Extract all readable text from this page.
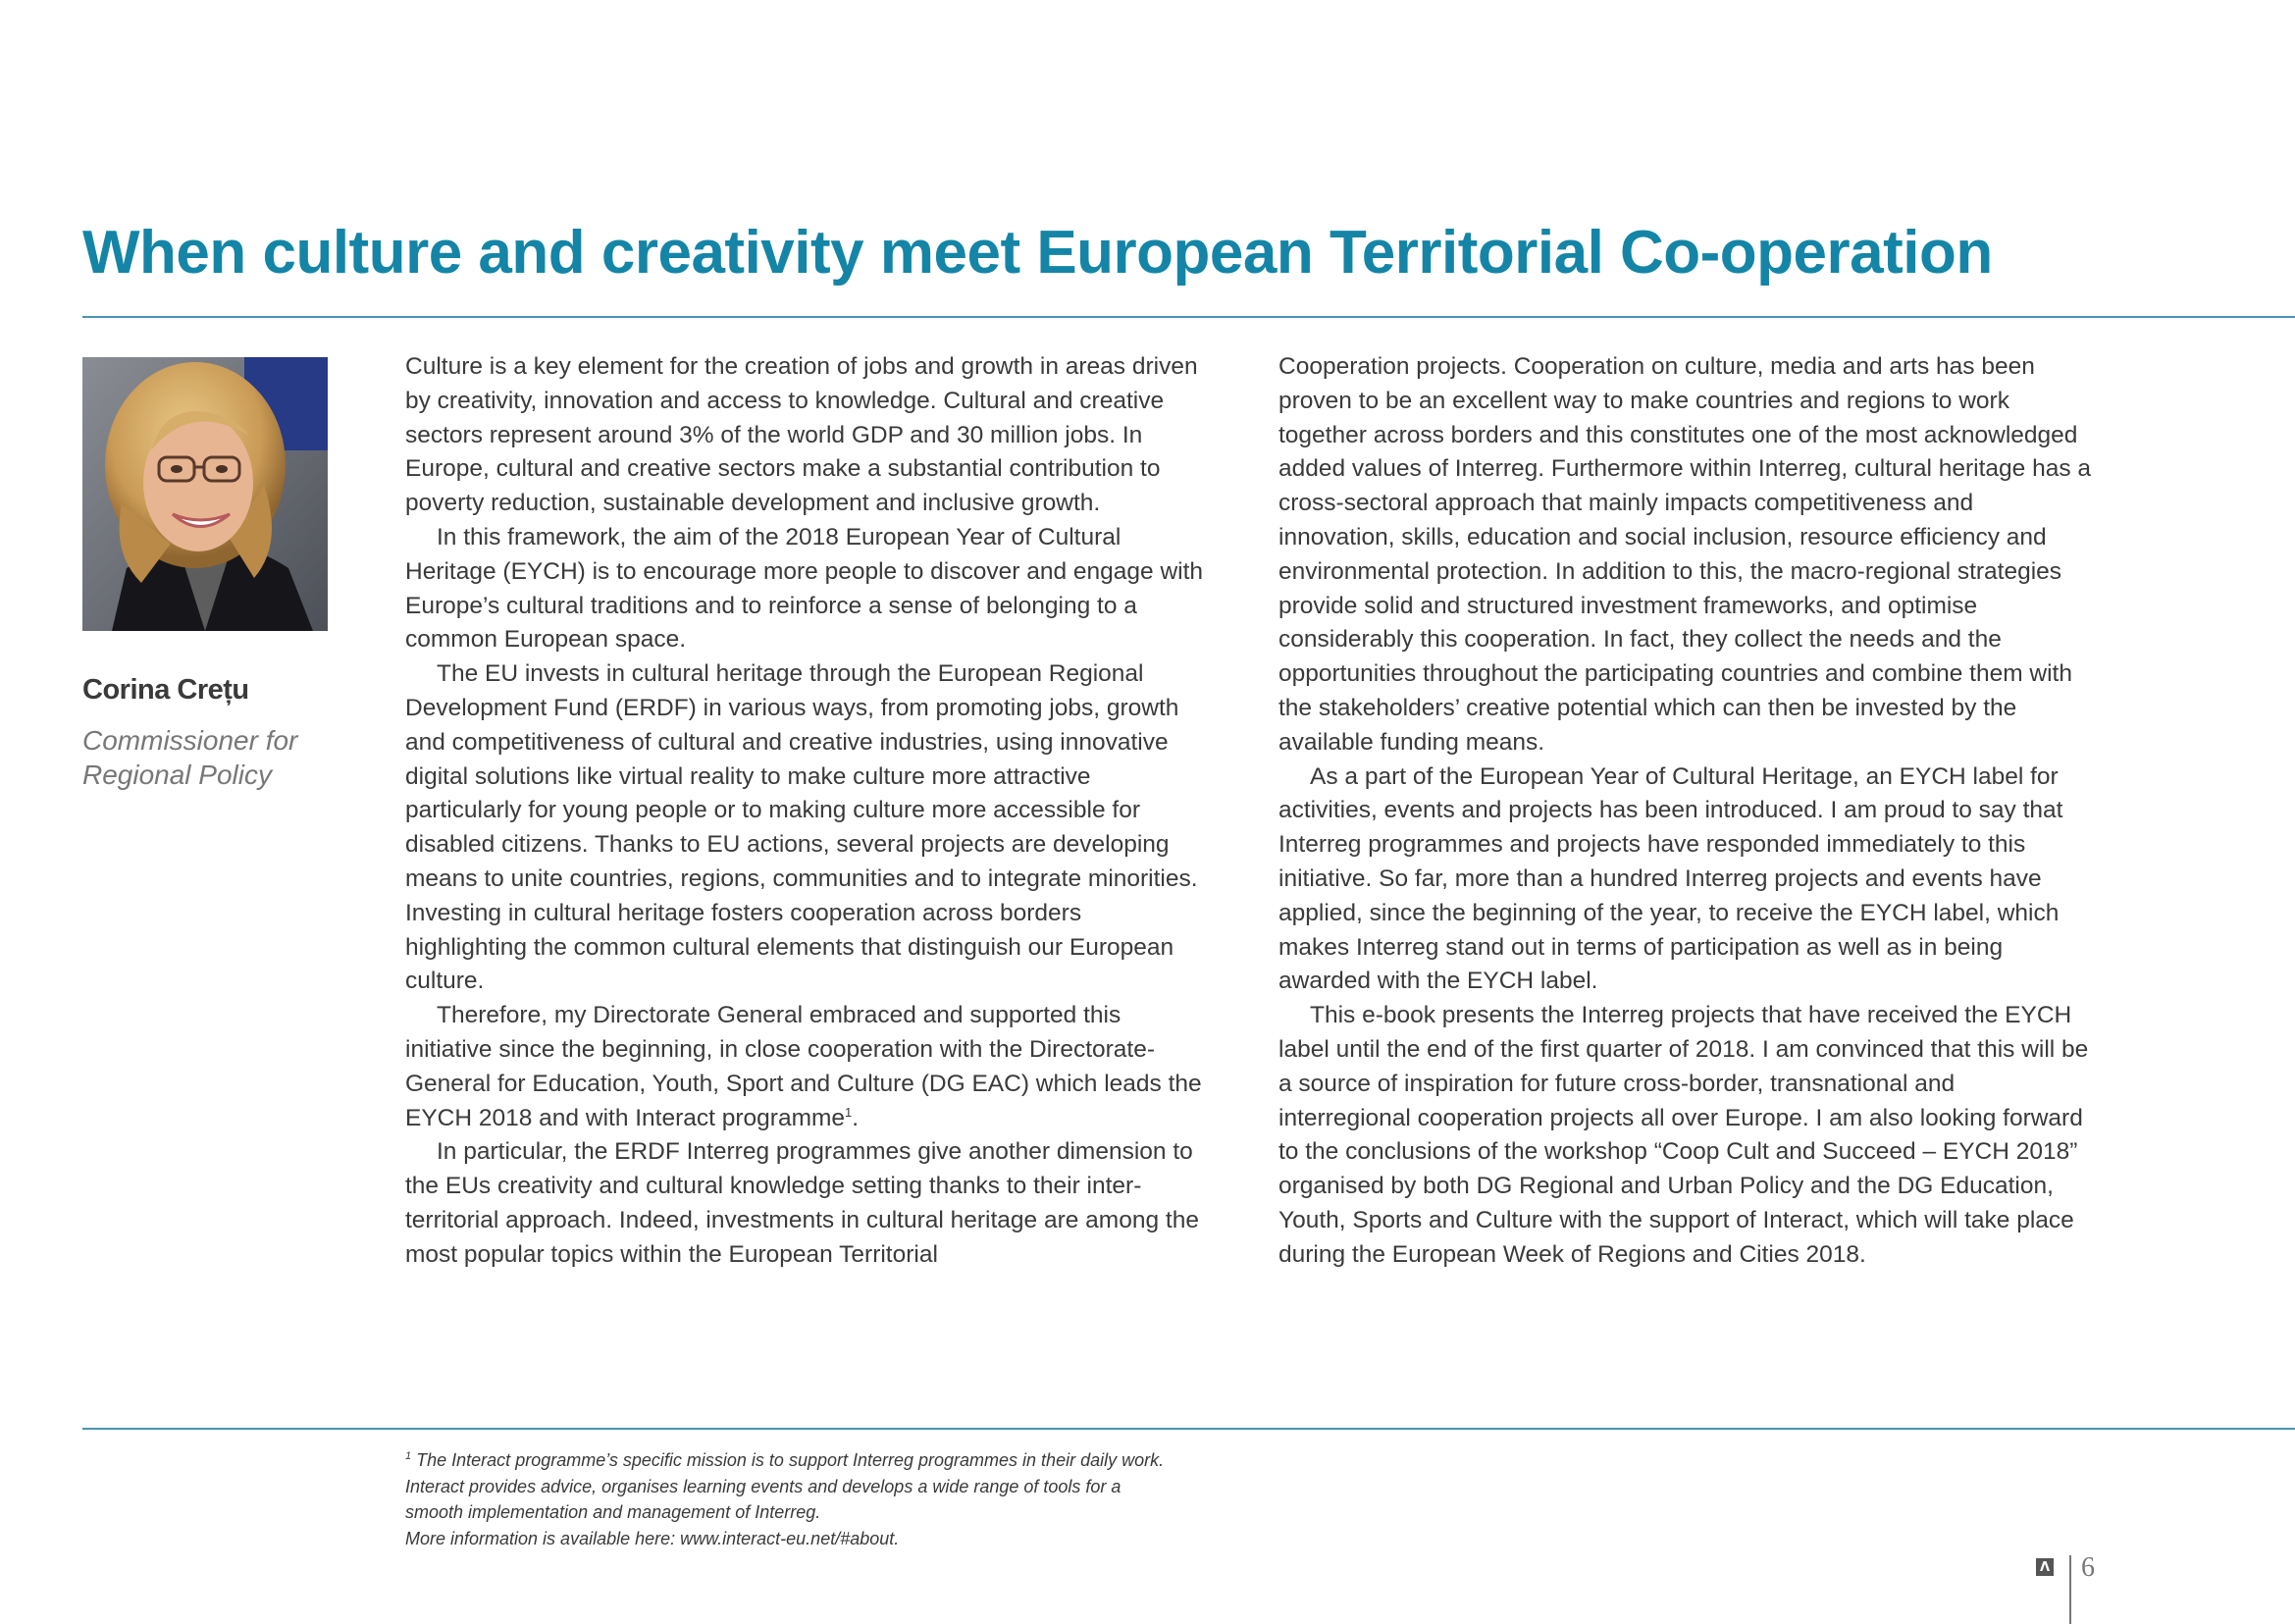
When culture and creativity meet European Territorial Co-operation
Corina Crețu
Commissioner for Regional Policy

Culture is a key element for the creation of jobs and growth in areas driven by creativity, innovation and access to knowledge. Cultural and creative sectors represent around 3% of the world GDP and 30 million jobs. In Europe, cultural and creative sectors make a substantial contribution to poverty reduction, sustainable development and inclusive growth.

In this framework, the aim of the 2018 European Year of Cultural Heritage (EYCH) is to encourage more people to discover and engage with Europe’s cultural traditions and to reinforce a sense of belonging to a common European space.

The EU invests in cultural heritage through the European Regional Development Fund (ERDF) in various ways, from promoting jobs, growth and competitiveness of cultural and creative industries, using innovative digital solutions like virtual reality to make culture more attractive particularly for young people or to making culture more accessible for disabled citizens. Thanks to EU actions, several projects are developing means to unite countries, regions, communities and to integrate minorities. Investing in cultural heritage fosters cooperation across borders highlighting the common cultural elements that distinguish our European culture.

Therefore, my Directorate General embraced and supported this initiative since the beginning, in close cooperation with the Directorate-General for Education, Youth, Sport and Culture (DG EAC) which leads the EYCH 2018 and with Interact programme$^1$.

In particular, the ERDF Interreg programmes give another dimension to the EUs creativity and cultural knowledge setting thanks to their inter-territorial approach. Indeed, investments in cultural heritage are among the most popular topics within the European Territorial

Cooperation projects. Cooperation on culture, media and arts has been proven to be an excellent way to make countries and regions to work together across borders and this constitutes one of the most acknowledged added values of Interreg. Furthermore within Interreg, cultural heritage has a cross-sectoral approach that mainly impacts competitiveness and innovation, skills, education and social inclusion, resource efficiency and environmental protection. In addition to this, the macro-regional strategies provide solid and structured investment frameworks, and optimise considerably this cooperation. In fact, they collect the needs and the opportunities throughout the participating countries and combine them with the stakeholders’ creative potential which can then be invested by the available funding means.

As a part of the European Year of Cultural Heritage, an EYCH label for activities, events and projects has been introduced. I am proud to say that Interreg programmes and projects have responded immediately to this initiative. So far, more than a hundred Interreg projects and events have applied, since the beginning of the year, to receive the EYCH label, which makes Interreg stand out in terms of participation as well as in being awarded with the EYCH label.

This e-book presents the Interreg projects that have received the EYCH label until the end of the first quarter of 2018. I am convinced that this will be a source of inspiration for future cross-border, transnational and interregional cooperation projects all over Europe. I am also looking forward to the conclusions of the workshop “Coop Cult and Succeed – EYCH 2018” organised by both DG Regional and Urban Policy and the DG Education, Youth, Sports and Culture with the support of Interact, which will take place during the European Week of Regions and Cities 2018.

$^1$ The Interact programme’s specific mission is to support Interreg programmes in their daily work. Interact provides advice, organises learning events and develops a wide range of tools for a smooth implementation and management of Interreg.

More information is available here: www.interact-eu.net/#about.

Λ 6
